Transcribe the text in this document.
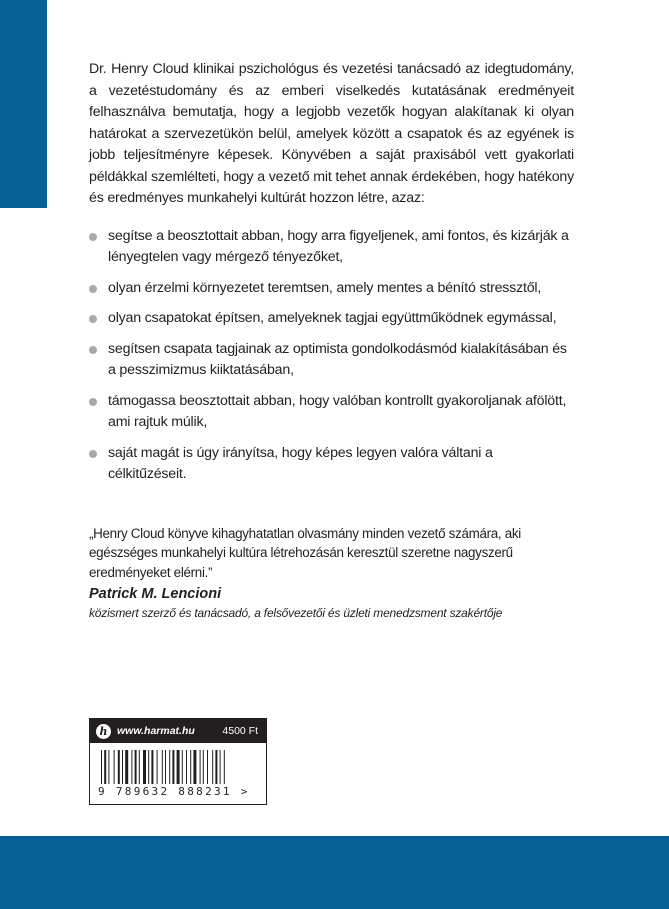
Dr. Henry Cloud klinikai pszichológus és vezetési tanácsadó az idegtudomány, a vezetéstudomány és az emberi viselkedés kutatásának eredményeit felhasználva bemutatja, hogy a legjobb vezetők hogyan alakítanak ki olyan határokat a szervezetükön belül, amelyek között a csapatok és az egyének is jobb teljesítményre képesek. Könyvében a saját praxisából vett gyakorlati példákkal szemlélteti, hogy a vezető mit tehet annak érdekében, hogy hatékony és eredményes munkahelyi kultúrát hozzon létre, azaz:

segítse a beosztottait abban, hogy arra figyeljenek, ami fontos, és kizárják a lényegtelen vagy mérgező tényezőket,
olyan érzelmi környezetet teremtsen, amely mentes a bénító stressztől,
olyan csapatokat építsen, amelyeknek tagjai együttműködnek egymással,
segítsen csapata tagjainak az optimista gondolkodásmód kialakításában és a pesszimizmus kiiktatásában,
támogassa beosztottait abban, hogy valóban kontrollt gyakoroljanak afölött, ami rajtuk múlik,
saját magát is úgy irányítsa, hogy képes legyen valóra váltani a célkitűzéseit.

„Henry Cloud könyve kihagyhatatlan olvasmány minden vezető számára, aki egészséges munkahelyi kultúra létrehozásán keresztül szeretne nagyszerű eredményeket elérni.”

Patrick M. Lencioni

közismert szerző és tanácsadó, a felsővezetői és üzleti menedzsment szakértője

h www.harmat.hu	4500 Ft
9 789632 888231 >
